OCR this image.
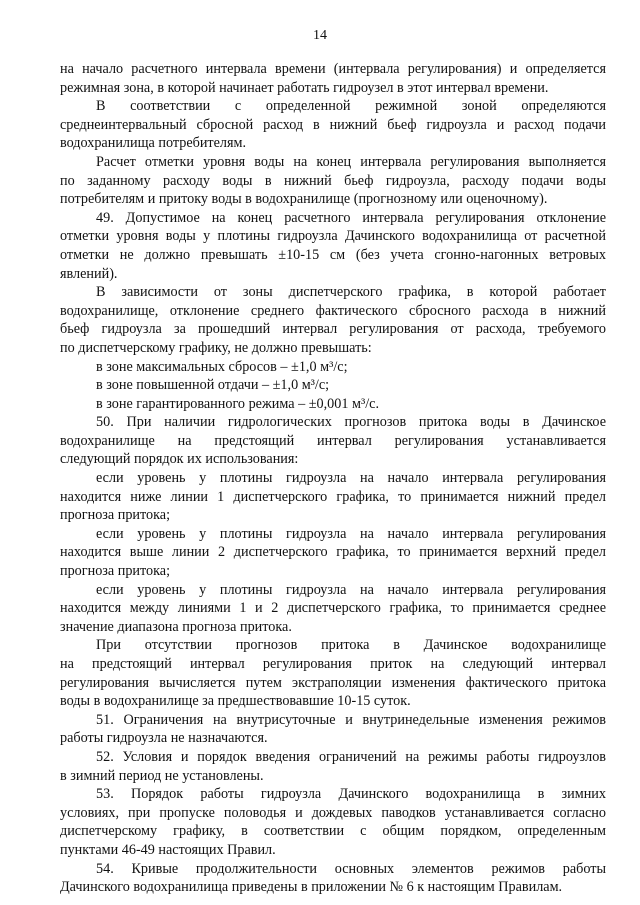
14
на начало расчетного интервала времени (интервала регулирования) и определяется
режимная зона, в которой начинает работать гидроузел в этот интервал времени.
В соответствии с определенной режимной зоной определяются
среднеинтервальный сбросной расход в нижний бьеф гидроузла и расход подачи
водохранилища потребителям.
Расчет отметки уровня воды на конец интервала регулирования выполняется
по заданному расходу воды в нижний бьеф гидроузла, расходу подачи воды
потребителям и притоку воды в водохранилище (прогнозному или оценочному).
49. Допустимое на конец расчетного интервала регулирования отклонение
отметки уровня воды у плотины гидроузла Дачинского водохранилища от расчетной
отметки не должно превышать ±10-15 см (без учета сгонно-нагонных ветровых
явлений).
В зависимости от зоны диспетчерского графика, в которой работает
водохранилище, отклонение среднего фактического сбросного расхода в нижний
бьеф гидроузла за прошедший интервал регулирования от расхода, требуемого
по диспетчерскому графику, не должно превышать:
в зоне максимальных сбросов – ±1,0 м³/с;
в зоне повышенной отдачи – ±1,0 м³/с;
в зоне гарантированного режима – ±0,001 м³/с.
50. При наличии гидрологических прогнозов притока воды в Дачинское
водохранилище на предстоящий интервал регулирования устанавливается
следующий порядок их использования:
если уровень у плотины гидроузла на начало интервала регулирования
находится ниже линии 1 диспетчерского графика, то принимается нижний предел
прогноза притока;
если уровень у плотины гидроузла на начало интервала регулирования
находится выше линии 2 диспетчерского графика, то принимается верхний предел
прогноза притока;
если уровень у плотины гидроузла на начало интервала регулирования
находится между линиями 1 и 2 диспетчерского графика, то принимается среднее
значение диапазона прогноза притока.
При отсутствии прогнозов притока в Дачинское водохранилище
на предстоящий интервал регулирования приток на следующий интервал
регулирования вычисляется путем экстраполяции изменения фактического притока
воды в водохранилище за предшествовавшие 10-15 суток.
51. Ограничения на внутрисуточные и внутринедельные изменения режимов
работы гидроузла не назначаются.
52. Условия и порядок введения ограничений на режимы работы гидроузлов
в зимний период не установлены.
53. Порядок работы гидроузла Дачинского водохранилища в зимних
условиях, при пропуске половодья и дождевых паводков устанавливается согласно
диспетчерскому графику, в соответствии с общим порядком, определенным
пунктами 46-49 настоящих Правил.
54. Кривые продолжительности основных элементов режимов работы
Дачинского водохранилища приведены в приложении № 6 к настоящим Правилам.
